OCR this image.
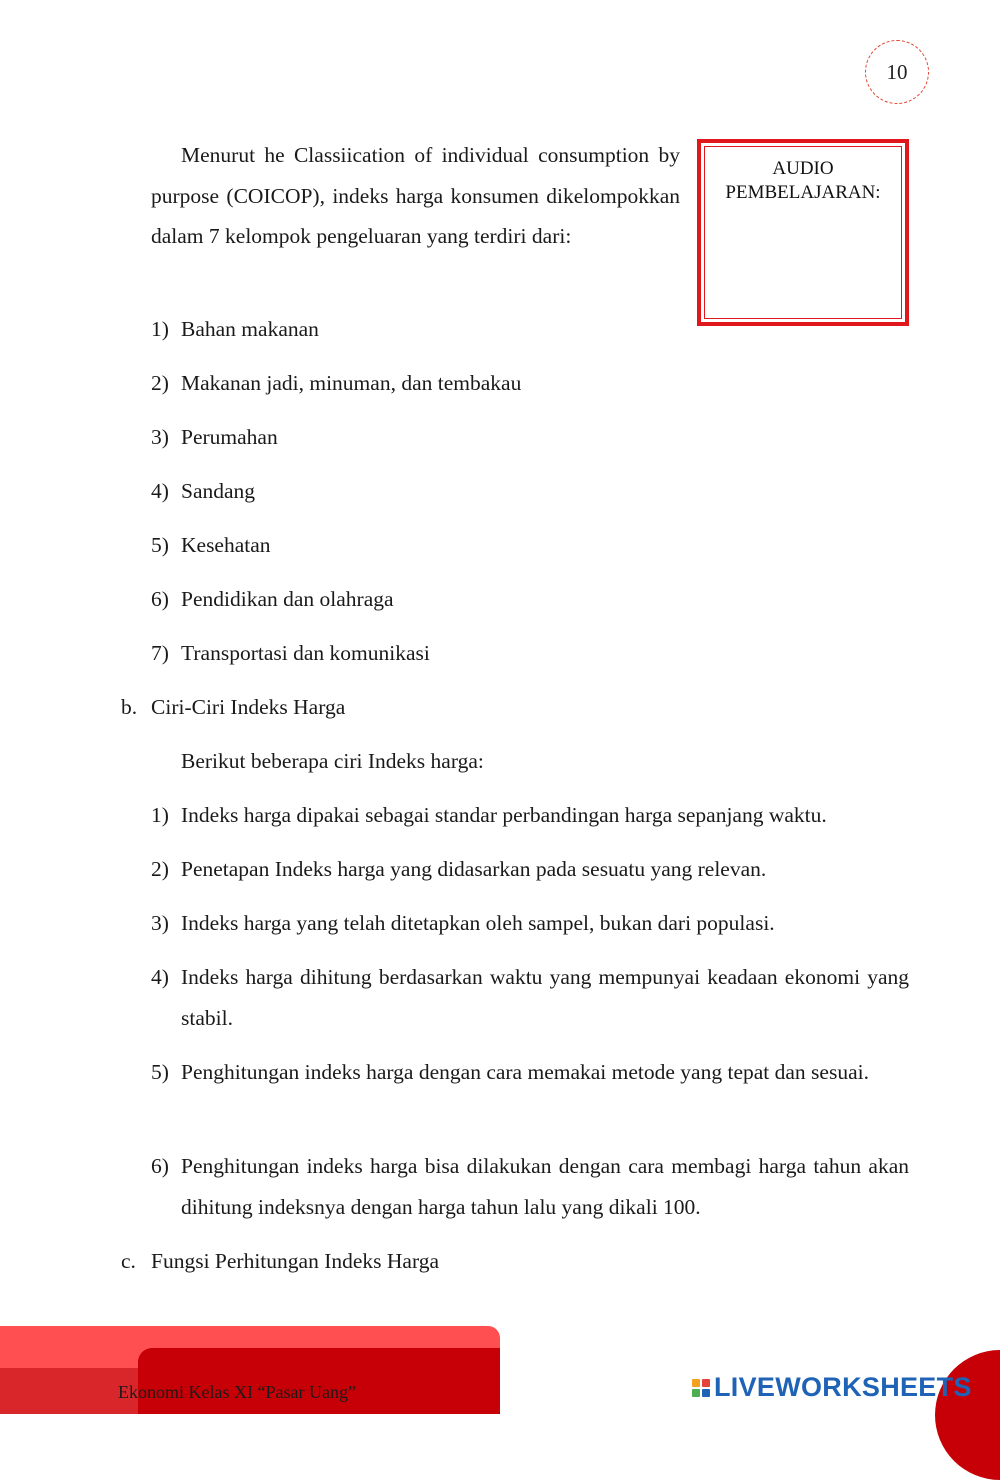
10

Menurut he Classiication of individual consumption by purpose (COICOP), indeks harga konsumen dikelompokkan dalam 7 kelompok pengeluaran yang terdiri dari:

AUDIO
PEMBELAJARAN:
1) Bahan makanan
2) Makanan jadi, minuman, dan tembakau
3) Perumahan
4) Sandang
5) Kesehatan
6) Pendidikan dan olahraga
7) Transportasi dan komunikasi
b. Ciri-Ciri Indeks Harga
Berikut beberapa ciri Indeks harga:
1) Indeks harga dipakai sebagai standar perbandingan harga sepanjang waktu.
2) Penetapan Indeks harga yang didasarkan pada sesuatu yang relevan.
3) Indeks harga yang telah ditetapkan oleh sampel, bukan dari populasi.
4) Indeks harga dihitung berdasarkan waktu yang mempunyai keadaan ekonomi yang stabil.
5) Penghitungan indeks harga dengan cara memakai metode yang tepat dan sesuai.
6) Penghitungan indeks harga bisa dilakukan dengan cara membagi harga tahun akan dihitung indeksnya dengan harga tahun lalu yang dikali 100.
c. Fungsi Perhitungan Indeks Harga
Ekonomi Kelas XI “Pasar Uang”	LIVEWORKSHEETS
